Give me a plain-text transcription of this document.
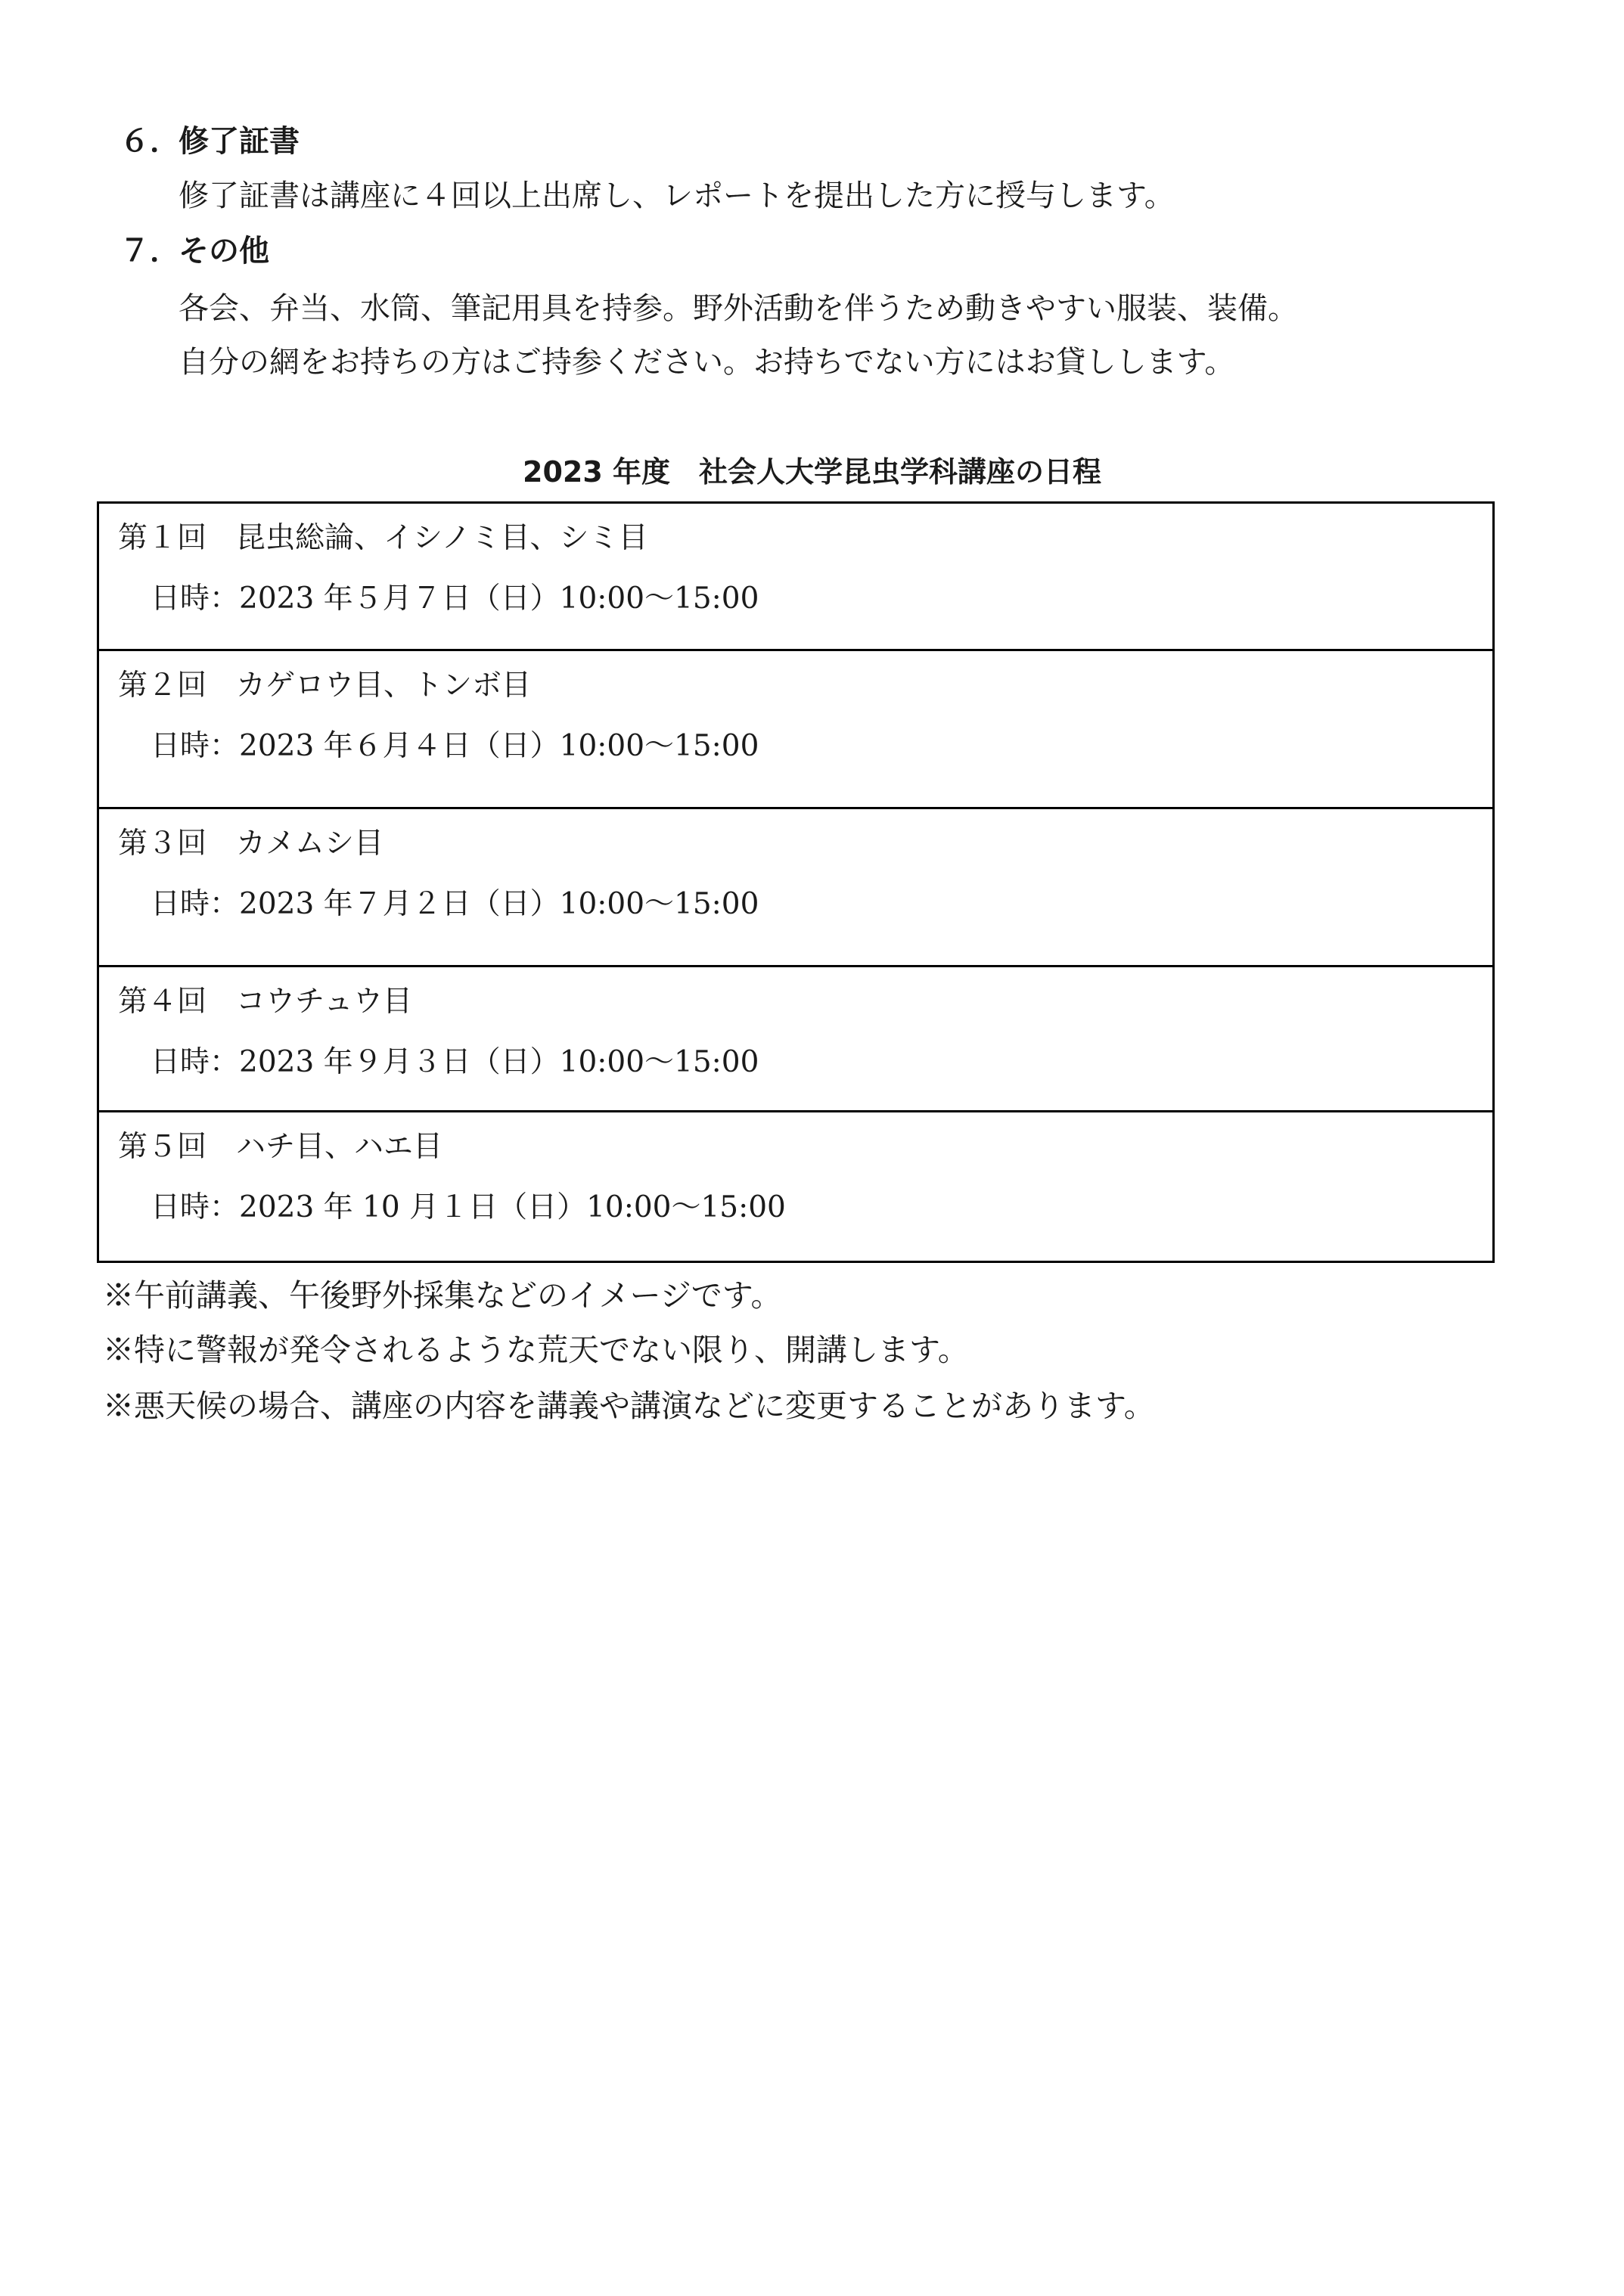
６．修了証書
修了証書は講座に４回以上出席し、レポートを提出した方に授与します。
７．その他
各会、弁当、水筒、筆記用具を持参。野外活動を伴うため動きやすい服装、装備。
自分の網をお持ちの方はご持参ください。お持ちでない方にはお貸しします。
2023 年度　社会人大学昆虫学科講座の日程
第１回　昆虫総論、イシノミ目、シミ目
日時：2023 年５月７日（日）10:00～15:00
第２回　カゲロウ目、トンボ目
日時：2023 年６月４日（日）10:00～15:00
第３回　カメムシ目
日時：2023 年７月２日（日）10:00～15:00
第４回　コウチュウ目
日時：2023 年９月３日（日）10:00～15:00
第５回　ハチ目、ハエ目
日時：2023 年 10 月１日（日）10:00～15:00
※午前講義、午後野外採集などのイメージです。
※特に警報が発令されるような荒天でない限り、開講します。
※悪天候の場合、講座の内容を講義や講演などに変更することがあります。
